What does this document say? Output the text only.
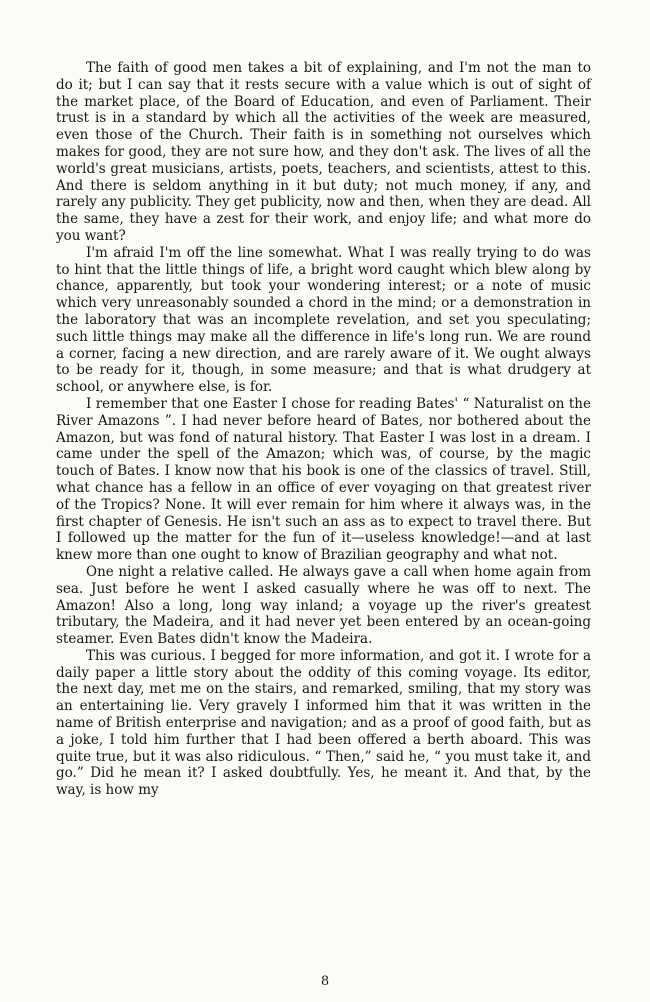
The faith of good men takes a bit of explaining, and I'm not the man to do it; but I can say that it rests secure with a value which is out of sight of the market place, of the Board of Education, and even of Parliament. Their trust is in a standard by which all the activities of the week are measured, even those of the Church. Their faith is in something not ourselves which makes for good, they are not sure how, and they don't ask. The lives of all the world's great musicians, artists, poets, teachers, and scientists, attest to this. And there is seldom anything in it but duty; not much money, if any, and rarely any publicity. They get publicity, now and then, when they are dead. All the same, they have a zest for their work, and enjoy life; and what more do you want?

I'm afraid I'm off the line somewhat. What I was really trying to do was to hint that the little things of life, a bright word caught which blew along by chance, apparently, but took your wondering interest; or a note of music which very unreasonably sounded a chord in the mind; or a demonstration in the laboratory that was an incomplete revelation, and set you speculating; such little things may make all the difference in life's long run. We are round a corner, facing a new direction, and are rarely aware of it. We ought always to be ready for it, though, in some measure; and that is what drudgery at school, or anywhere else, is for.

I remember that one Easter I chose for reading Bates' “ Naturalist on the River Amazons ”. I had never before heard of Bates, nor bothered about the Amazon, but was fond of natural history. That Easter I was lost in a dream. I came under the spell of the Amazon; which was, of course, by the magic touch of Bates. I know now that his book is one of the classics of travel. Still, what chance has a fellow in an office of ever voyaging on that greatest river of the Tropics? None. It will ever remain for him where it always was, in the first chapter of Genesis. He isn't such an ass as to expect to travel there. But I followed up the matter for the fun of it—useless knowledge!—and at last knew more than one ought to know of Brazilian geography and what not.

One night a relative called. He always gave a call when home again from sea. Just before he went I asked casually where he was off to next. The Amazon! Also a long, long way inland; a voyage up the river's greatest tributary, the Madeira, and it had never yet been entered by an ocean-going steamer. Even Bates didn't know the Madeira.

This was curious. I begged for more information, and got it. I wrote for a daily paper a little story about the oddity of this coming voyage. Its editor, the next day, met me on the stairs, and remarked, smiling, that my story was an entertaining lie. Very gravely I informed him that it was written in the name of British enterprise and navigation; and as a proof of good faith, but as a joke, I told him further that I had been offered a berth aboard. This was quite true, but it was also ridiculous. “ Then,” said he, “ you must take it, and go.” Did he mean it? I asked doubtfully. Yes, he meant it. And that, by the way, is how my

8
